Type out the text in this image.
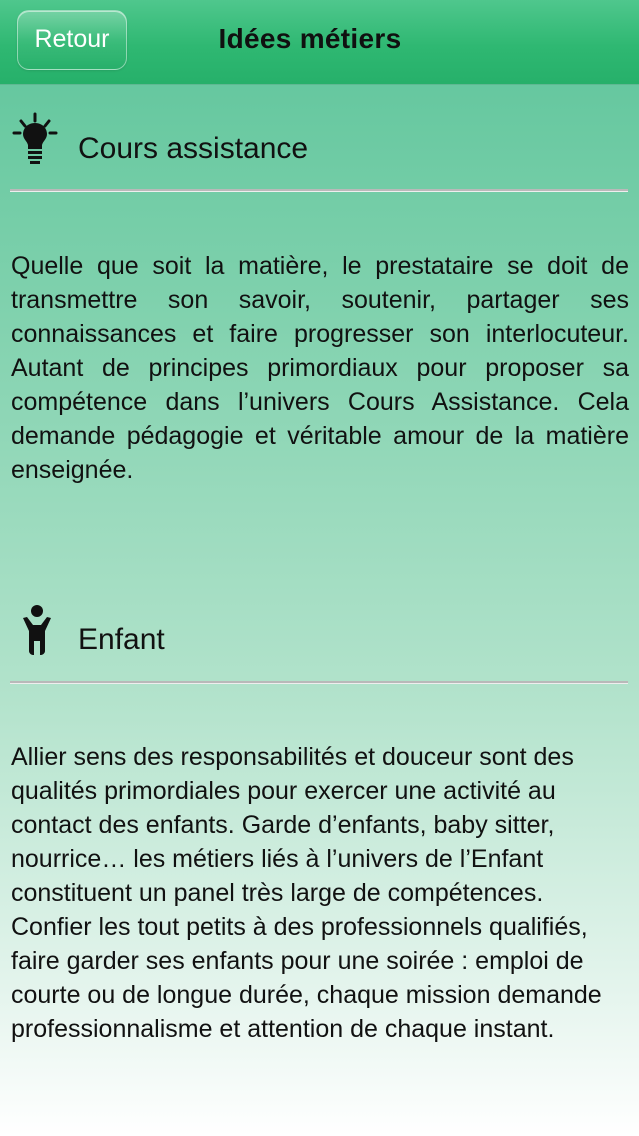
Retour	Idées métiers
Cours assistance
Quelle que soit la matière, le prestataire se doit de transmettre son savoir, soutenir, partager ses connaissances et faire progresser son interlocuteur. Autant de principes primordiaux pour proposer sa compétence dans l’univers Cours Assistance. Cela demande pédagogie et véritable amour de la matière enseignée.
Enfant
Allier sens des responsabilités et douceur sont des qualités primordiales pour exercer une activité au contact des enfants. Garde d’enfants, baby sitter, nourrice… les métiers liés à l’univers de l’Enfant constituent un panel très large de compétences. Confier les tout petits à des professionnels qualifiés, faire garder ses enfants pour une soirée : emploi de courte ou de longue durée, chaque mission demande professionnalisme et attention de chaque instant.
